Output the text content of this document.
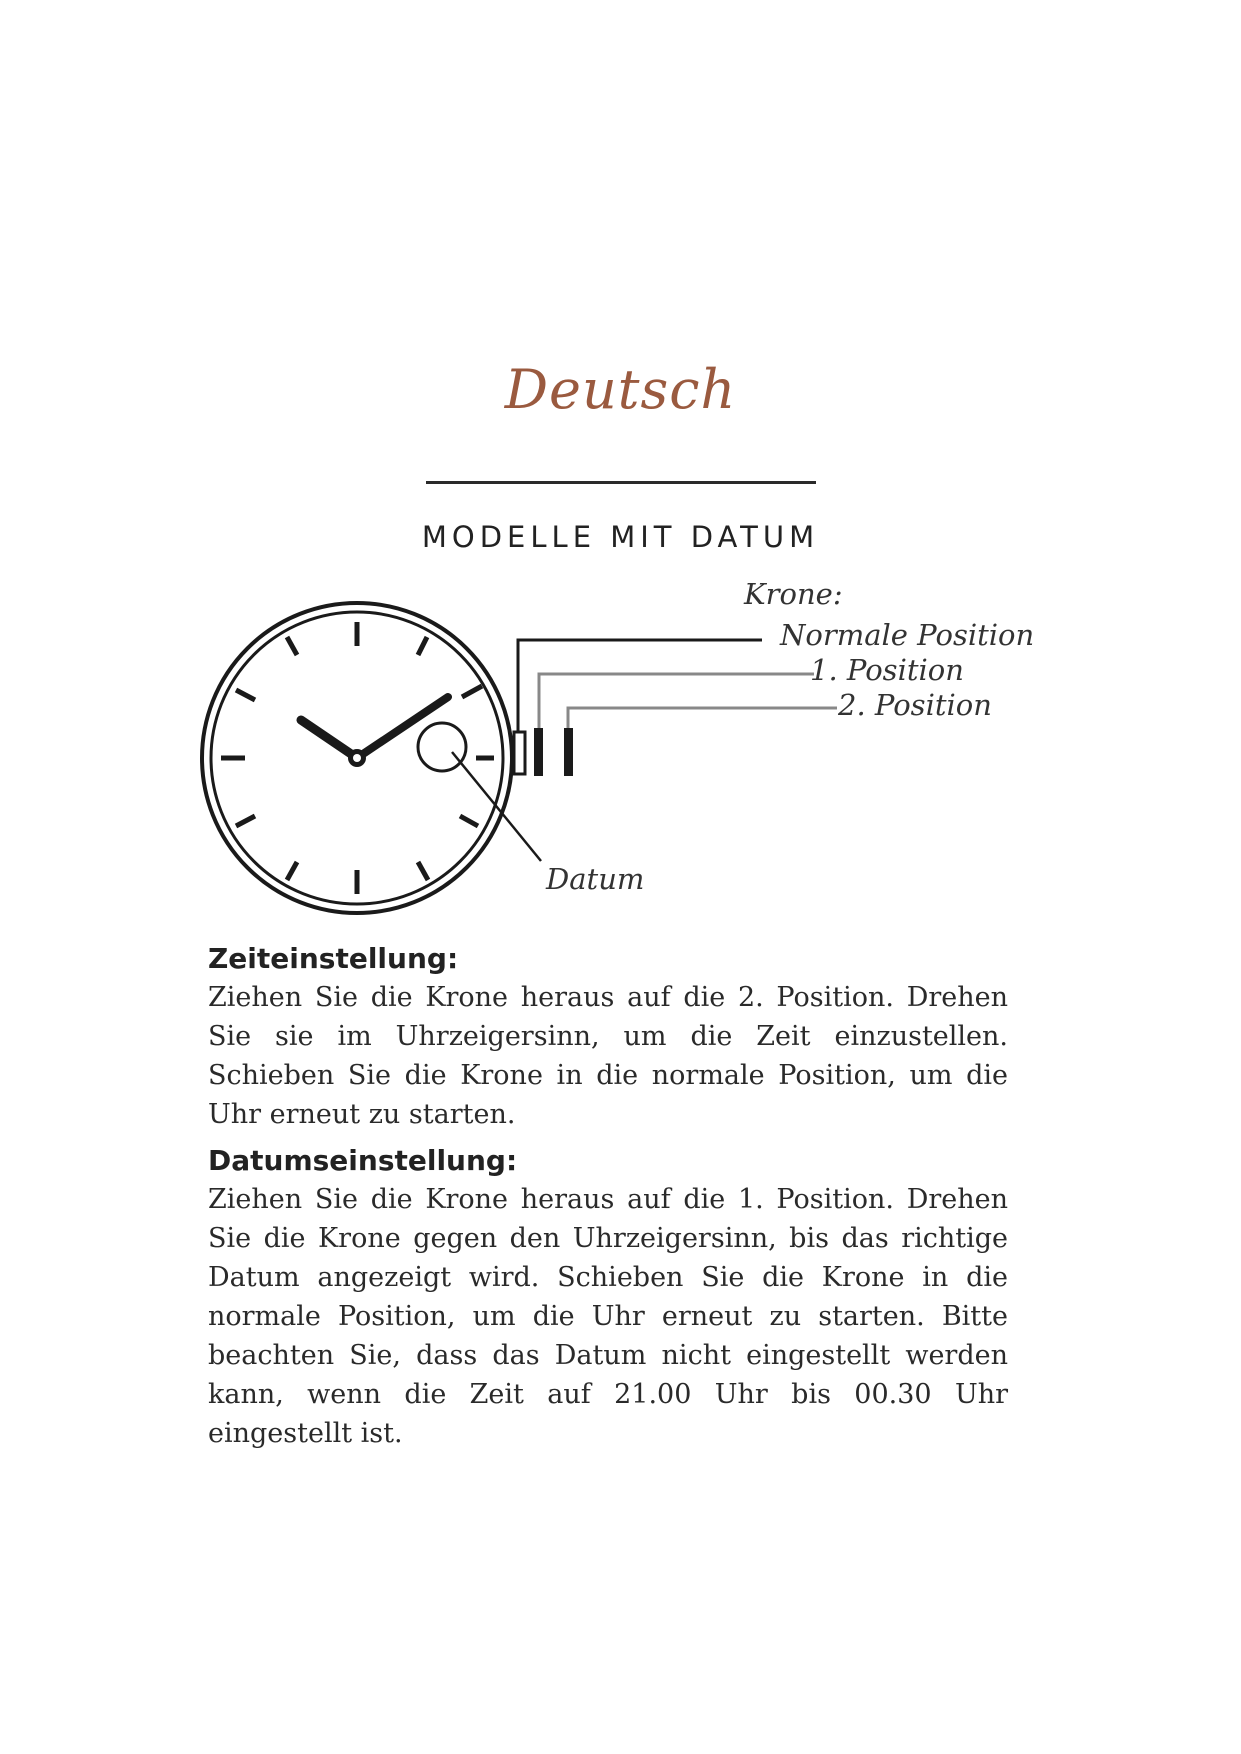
Deutsch
MODELLE MIT DATUM
Krone:
Normale Position
1. Position
2. Position
Datum

Zeiteinstellung:

Ziehen Sie die Krone heraus auf die 2. Position. Drehen Sie sie im Uhrzeigersinn, um die Zeit einzustellen. Schieben Sie die Krone in die normale Position, um die Uhr erneut zu starten.

Datumseinstellung:

Ziehen Sie die Krone heraus auf die 1. Position. Drehen Sie die Krone gegen den Uhrzeigersinn, bis das richtige Datum angezeigt wird. Schieben Sie die Krone in die normale Position, um die Uhr erneut zu starten. Bitte beachten Sie, dass das Datum nicht eingestellt werden kann, wenn die Zeit auf 21.00 Uhr bis 00.30 Uhr eingestellt ist.
